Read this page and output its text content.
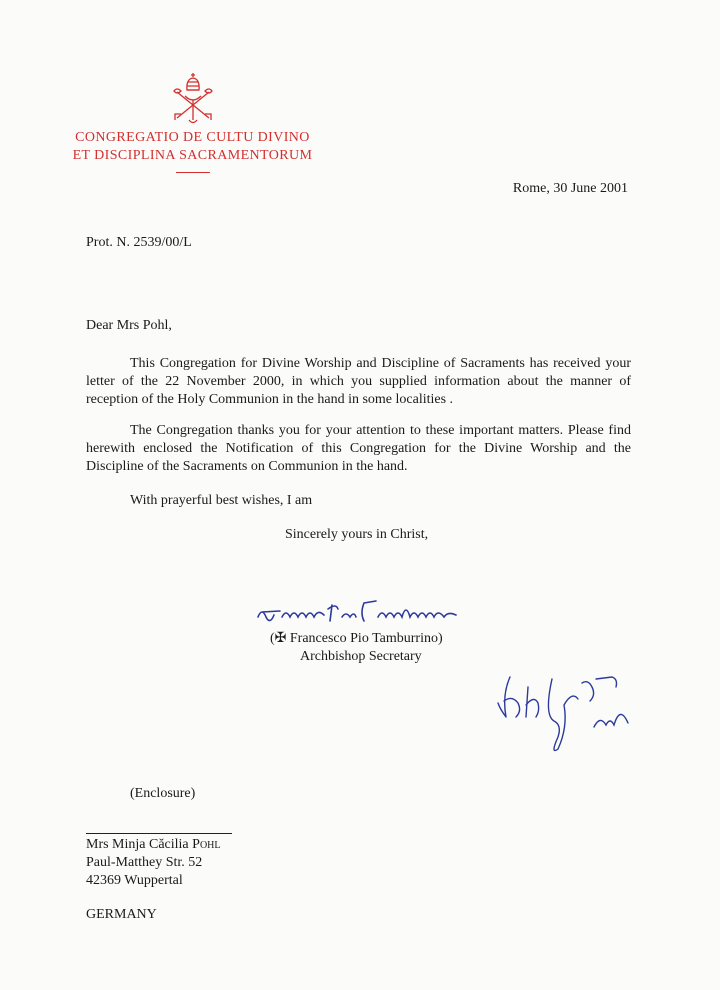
CONGREGATIO DE CULTU DIVINO
ET DISCIPLINA SACRAMENTORUM
Rome, 30 June 2001
Prot. N. 2539/00/L
Dear Mrs Pohl,
This Congregation for Divine Worship and Discipline of Sacraments has received your letter of the 22 November 2000, in which you supplied information about the manner of reception of the Holy Communion in the hand in some localities .
The Congregation thanks you for your attention to these important matters. Please find herewith enclosed the Notification of this Congregation for the Divine Worship and the Discipline of the Sacraments on Communion in the hand.
With prayerful best wishes, I am
Sincerely yours in Christ,
(✠ Francesco Pio Tamburrino)
Archbishop Secretary
(Enclosure)
Mrs Minja Căcilia Pohl
Paul-Matthey Str. 52
42369 Wuppertal
GERMANY
